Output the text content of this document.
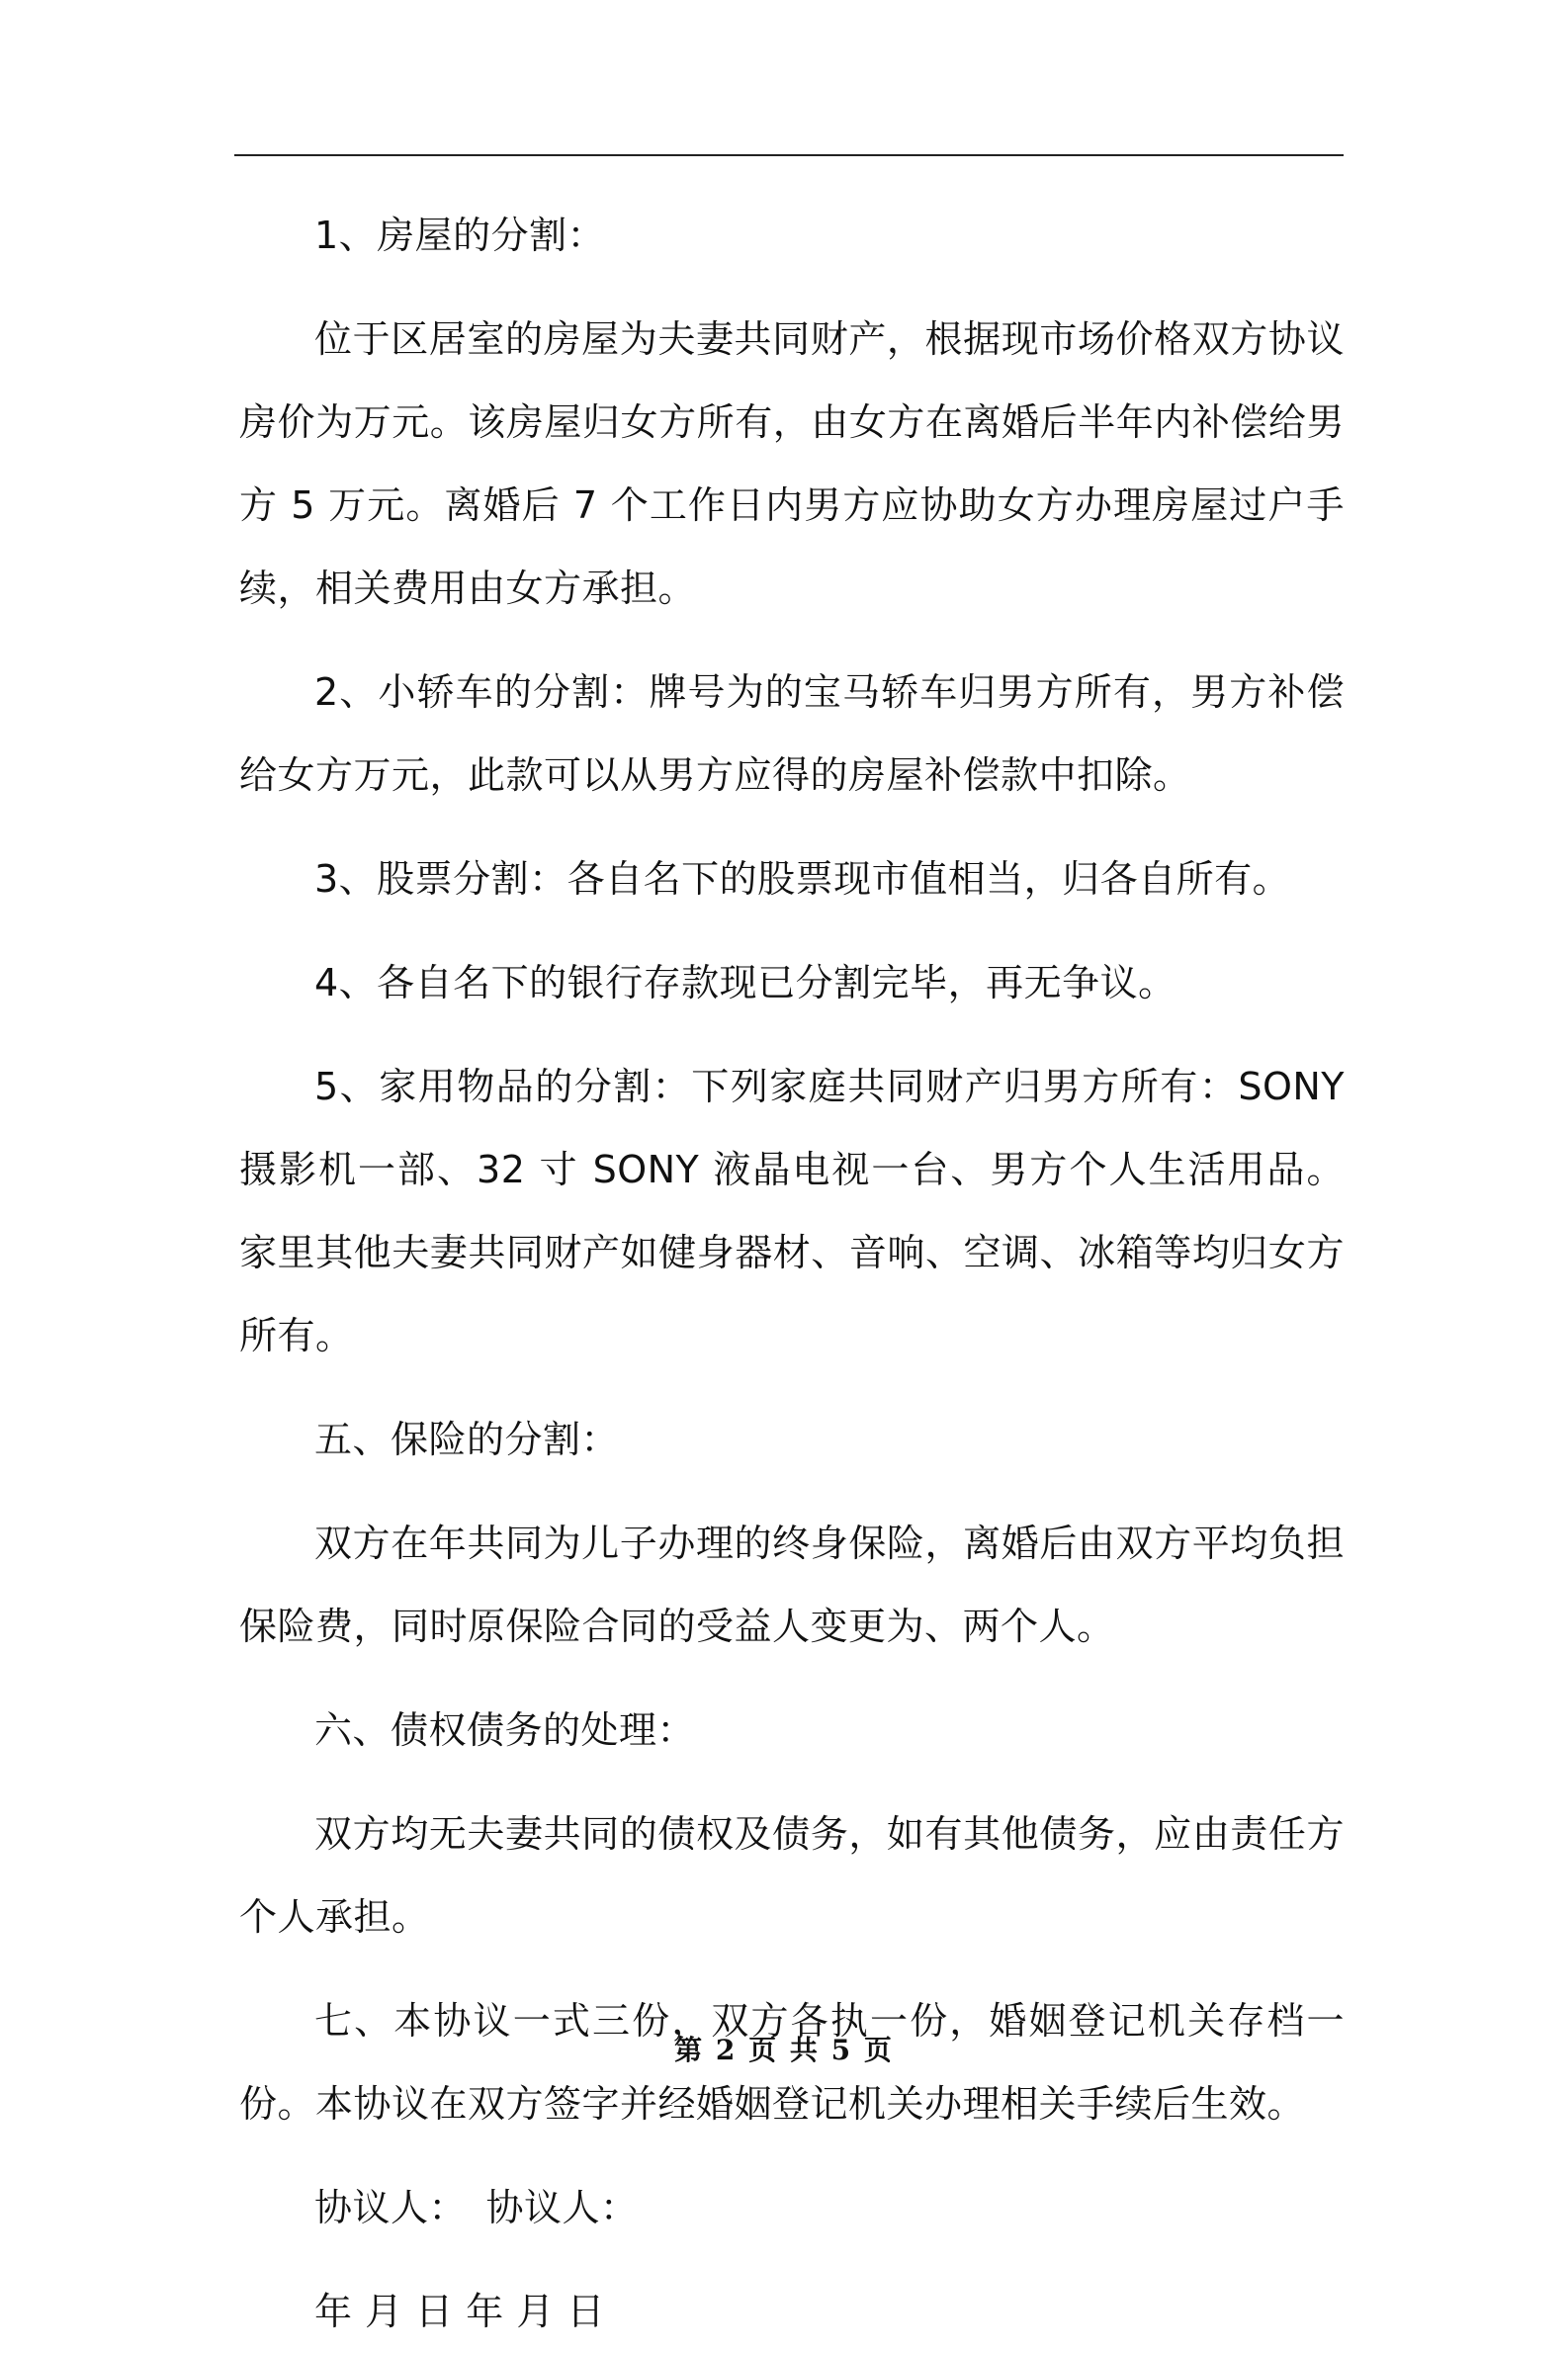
1、房屋的分割：

位于区居室的房屋为夫妻共同财产，根据现市场价格双方协议房价为万元。该房屋归女方所有，由女方在离婚后半年内补偿给男方 5 万元。离婚后 7 个工作日内男方应协助女方办理房屋过户手续，相关费用由女方承担。

2、小轿车的分割：牌号为的宝马轿车归男方所有，男方补偿给女方万元，此款可以从男方应得的房屋补偿款中扣除。

3、股票分割：各自名下的股票现市值相当，归各自所有。

4、各自名下的银行存款现已分割完毕，再无争议。

5、家用物品的分割：下列家庭共同财产归男方所有：SONY 摄影机一部、32 寸 SONY 液晶电视一台、男方个人生活用品。家里其他夫妻共同财产如健身器材、音响、空调、冰箱等均归女方所有。

五、保险的分割：

双方在年共同为儿子办理的终身保险，离婚后由双方平均负担保险费，同时原保险合同的受益人变更为、两个人。

六、债权债务的处理：

双方均无夫妻共同的债权及债务，如有其他债务，应由责任方个人承担。

七、本协议一式三份，双方各执一份，婚姻登记机关存档一份。本协议在双方签字并经婚姻登记机关办理相关手续后生效。

协议人：　协议人：

年 月 日 年 月 日

第 2 页 共 5 页
